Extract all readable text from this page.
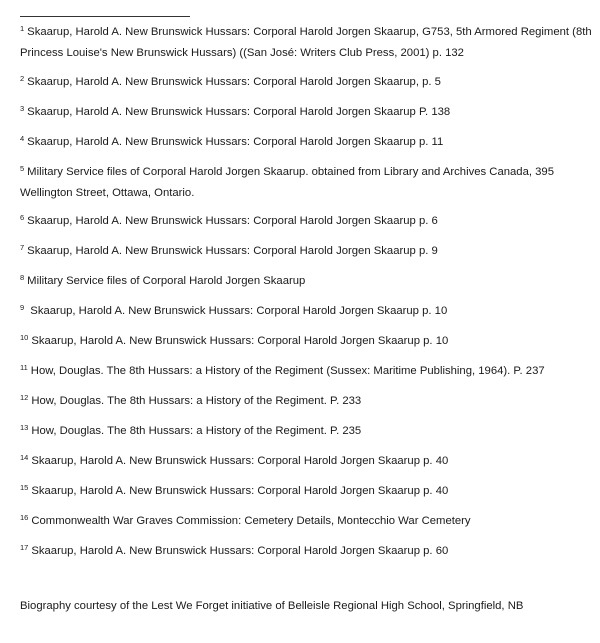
$^1$ Skaarup, Harold A. New Brunswick Hussars: Corporal Harold Jorgen Skaarup, G753, 5th Armored Regiment (8th Princess Louise's New Brunswick Hussars) ((San José: Writers Club Press, 2001) p. 132

$^2$ Skaarup, Harold A. New Brunswick Hussars: Corporal Harold Jorgen Skaarup, p. 5

$^3$ Skaarup, Harold A. New Brunswick Hussars: Corporal Harold Jorgen Skaarup P. 138

$^4$ Skaarup, Harold A. New Brunswick Hussars: Corporal Harold Jorgen Skaarup p. 11

$^5$ Military Service files of Corporal Harold Jorgen Skaarup. obtained from Library and Archives Canada, 395 Wellington Street, Ottawa, Ontario.

$^6$ Skaarup, Harold A. New Brunswick Hussars: Corporal Harold Jorgen Skaarup p. 6

$^7$ Skaarup, Harold A. New Brunswick Hussars: Corporal Harold Jorgen Skaarup p. 9

$^8$ Military Service files of Corporal Harold Jorgen Skaarup

$^9$ Skaarup, Harold A. New Brunswick Hussars: Corporal Harold Jorgen Skaarup p. 10

$^{10}$ Skaarup, Harold A. New Brunswick Hussars: Corporal Harold Jorgen Skaarup p. 10

$^{11}$ How, Douglas. The 8th Hussars: a History of the Regiment (Sussex: Maritime Publishing, 1964). P. 237

$^{12}$ How, Douglas. The 8th Hussars: a History of the Regiment. P. 233

$^{13}$ How, Douglas. The 8th Hussars: a History of the Regiment. P. 235

$^{14}$ Skaarup, Harold A. New Brunswick Hussars: Corporal Harold Jorgen Skaarup p. 40

$^{15}$ Skaarup, Harold A. New Brunswick Hussars: Corporal Harold Jorgen Skaarup p. 40

$^{16}$ Commonwealth War Graves Commission: Cemetery Details, Montecchio War Cemetery

$^{17}$ Skaarup, Harold A. New Brunswick Hussars: Corporal Harold Jorgen Skaarup p. 60

Biography courtesy of the Lest We Forget initiative of Belleisle Regional High School, Springfield, NB
